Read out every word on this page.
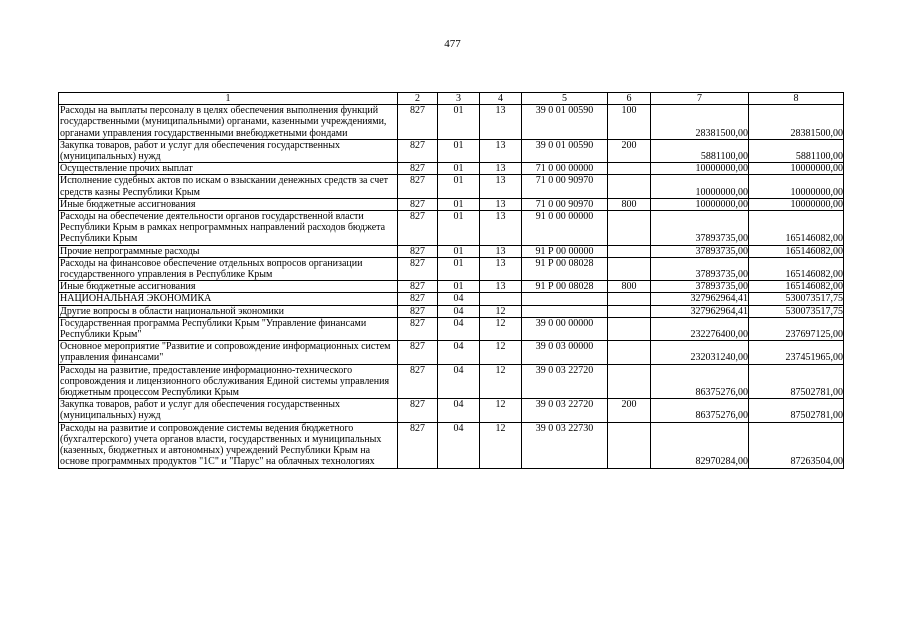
477
1	2	3	4	5	6	7	8
Расходы на выплаты персоналу в целях обеспечения выполнения функций государственными (муниципальными) органами, казенными учреждениями, органами управления государственными внебюджетными фондами	827	01	13	39 0 01 00590	100	28381500,00	28381500,00
Закупка товаров, работ и услуг для обеспечения государственных (муниципальных) нужд	827	01	13	39 0 01 00590	200	5881100,00	5881100,00
Осуществление прочих выплат	827	01	13	71 0 00 00000		10000000,00	10000000,00
Исполнение судебных актов по искам о взыскании денежных средств за счет средств казны Республики Крым	827	01	13	71 0 00 90970		10000000,00	10000000,00
Иные бюджетные ассигнования	827	01	13	71 0 00 90970	800	10000000,00	10000000,00
Расходы на обеспечение деятельности органов государственной власти Республики Крым в рамках непрограммных направлений расходов бюджета Республики Крым	827	01	13	91 0 00 00000		37893735,00	165146082,00
Прочие непрограммные расходы	827	01	13	91 Р 00 00000		37893735,00	165146082,00
Расходы на финансовое обеспечение отдельных вопросов организации государственного управления в Республике Крым	827	01	13	91 Р 00 08028		37893735,00	165146082,00
Иные бюджетные ассигнования	827	01	13	91 Р 00 08028	800	37893735,00	165146082,00
НАЦИОНАЛЬНАЯ ЭКОНОМИКА	827	04				327962964,41	530073517,75
Другие вопросы в области национальной экономики	827	04	12			327962964,41	530073517,75
Государственная программа Республики Крым "Управление финансами Республики Крым"	827	04	12	39 0 00 00000		232276400,00	237697125,00
Основное мероприятие "Развитие и сопровождение информационных систем управления финансами"	827	04	12	39 0 03 00000		232031240,00	237451965,00
Расходы на развитие, предоставление информационно-технического сопровождения и лицензионного обслуживания Единой системы управления бюджетным процессом Республики Крым	827	04	12	39 0 03 22720		86375276,00	87502781,00
Закупка товаров, работ и услуг для обеспечения государственных (муниципальных) нужд	827	04	12	39 0 03 22720	200	86375276,00	87502781,00
Расходы на развитие и сопровождение системы ведения бюджетного (бухгалтерского) учета органов власти, государственных и муниципальных (казенных, бюджетных и автономных) учреждений Республики Крым на основе программных продуктов "1С" и "Парус" на облачных технологиях	827	04	12	39 0 03 22730		82970284,00	87263504,00
